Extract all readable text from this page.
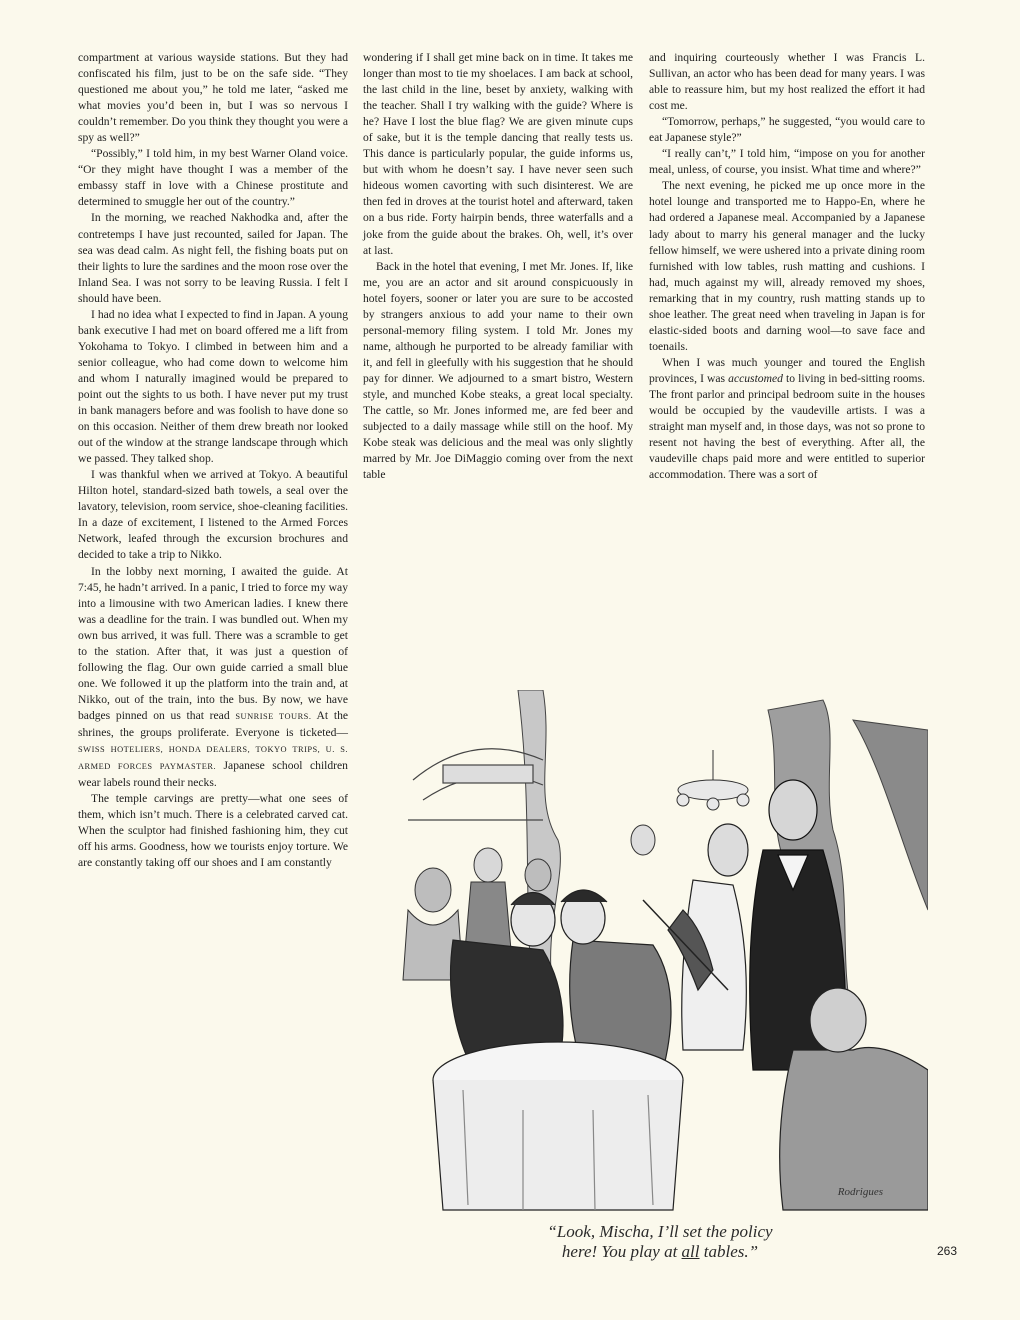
compartment at various wayside stations. But they had confiscated his film, just to be on the safe side. “They questioned me about you,” he told me later, “asked me what movies you’d been in, but I was so nervous I couldn’t remember. Do you think they thought you were a spy as well?”

“Possibly,” I told him, in my best Warner Oland voice. “Or they might have thought I was a member of the embassy staff in love with a Chinese prostitute and determined to smuggle her out of the country.”

In the morning, we reached Nakhodka and, after the contretemps I have just recounted, sailed for Japan. The sea was dead calm. As night fell, the fishing boats put on their lights to lure the sardines and the moon rose over the Inland Sea. I was not sorry to be leaving Russia. I felt I should have been.

I had no idea what I expected to find in Japan. A young bank executive I had met on board offered me a lift from Yokohama to Tokyo. I climbed in between him and a senior colleague, who had come down to welcome him and whom I naturally imagined would be prepared to point out the sights to us both. I have never put my trust in bank managers before and was foolish to have done so on this occasion. Neither of them drew breath nor looked out of the window at the strange landscape through which we passed. They talked shop.

I was thankful when we arrived at Tokyo. A beautiful Hilton hotel, standard-sized bath towels, a seal over the lavatory, television, room service, shoe-cleaning facilities. In a daze of excitement, I listened to the Armed Forces Network, leafed through the excursion brochures and decided to take a trip to Nikko.

In the lobby next morning, I awaited the guide. At 7:45, he hadn’t arrived. In a panic, I tried to force my way into a limousine with two American ladies. I knew there was a deadline for the train. I was bundled out. When my own bus arrived, it was full. There was a scramble to get to the station. After that, it was just a question of following the flag. Our own guide carried a small blue one. We followed it up the platform into the train and, at Nikko, out of the train, into the bus. By now, we have badges pinned on us that read SUNRISE TOURS. At the shrines, the groups proliferate. Everyone is ticketed—SWISS HOTELIERS, HONDA DEALERS, TOKYO TRIPS, U. S. ARMED FORCES PAYMASTER. Japanese school children wear labels round their necks.

The temple carvings are pretty—what one sees of them, which isn’t much. There is a celebrated carved cat. When the sculptor had finished fashioning him, they cut off his arms. Goodness, how we tourists enjoy torture. We are constantly taking off our shoes and I am constantly

wondering if I shall get mine back on in time. It takes me longer than most to tie my shoelaces. I am back at school, the last child in the line, beset by anxiety, walking with the teacher. Shall I try walking with the guide? Where is he? Have I lost the blue flag? We are given minute cups of sake, but it is the temple dancing that really tests us. This dance is particularly popular, the guide informs us, but with whom he doesn’t say. I have never seen such hideous women cavorting with such disinterest. We are then fed in droves at the tourist hotel and afterward, taken on a bus ride. Forty hairpin bends, three waterfalls and a joke from the guide about the brakes. Oh, well, it’s over at last.

Back in the hotel that evening, I met Mr. Jones. If, like me, you are an actor and sit around conspicuously in hotel foyers, sooner or later you are sure to be accosted by strangers anxious to add your name to their own personal-memory filing system. I told Mr. Jones my name, although he purported to be already familiar with it, and fell in gleefully with his suggestion that he should pay for dinner. We adjourned to a smart bistro, Western style, and munched Kobe steaks, a great local specialty. The cattle, so Mr. Jones informed me, are fed beer and subjected to a daily massage while still on the hoof. My Kobe steak was delicious and the meal was only slightly marred by Mr. Joe DiMaggio coming over from the next table

and inquiring courteously whether I was Francis L. Sullivan, an actor who has been dead for many years. I was able to reassure him, but my host realized the effort it had cost me.

“Tomorrow, perhaps,” he suggested, “you would care to eat Japanese style?”

“I really can’t,” I told him, “impose on you for another meal, unless, of course, you insist. What time and where?”

The next evening, he picked me up once more in the hotel lounge and transported me to Happo-En, where he had ordered a Japanese meal. Accompanied by a Japanese lady about to marry his general manager and the lucky fellow himself, we were ushered into a private dining room furnished with low tables, rush matting and cushions. I had, much against my will, already removed my shoes, remarking that in my country, rush matting stands up to shoe leather. The great need when traveling in Japan is for elastic-sided boots and darning wool—to save face and toenails.

When I was much younger and toured the English provinces, I was accustomed to living in bed-sitting rooms. The front parlor and principal bedroom suite in the houses would be occupied by the vaudeville artists. I was a straight man myself and, in those days, was not so prone to resent not having the best of everything. After all, the vaudeville chaps paid more and were entitled to superior accommodation. There was a sort of

Rodrigues
“Look, Mischa, I’ll set the policy
here! You play at all tables.”	263
